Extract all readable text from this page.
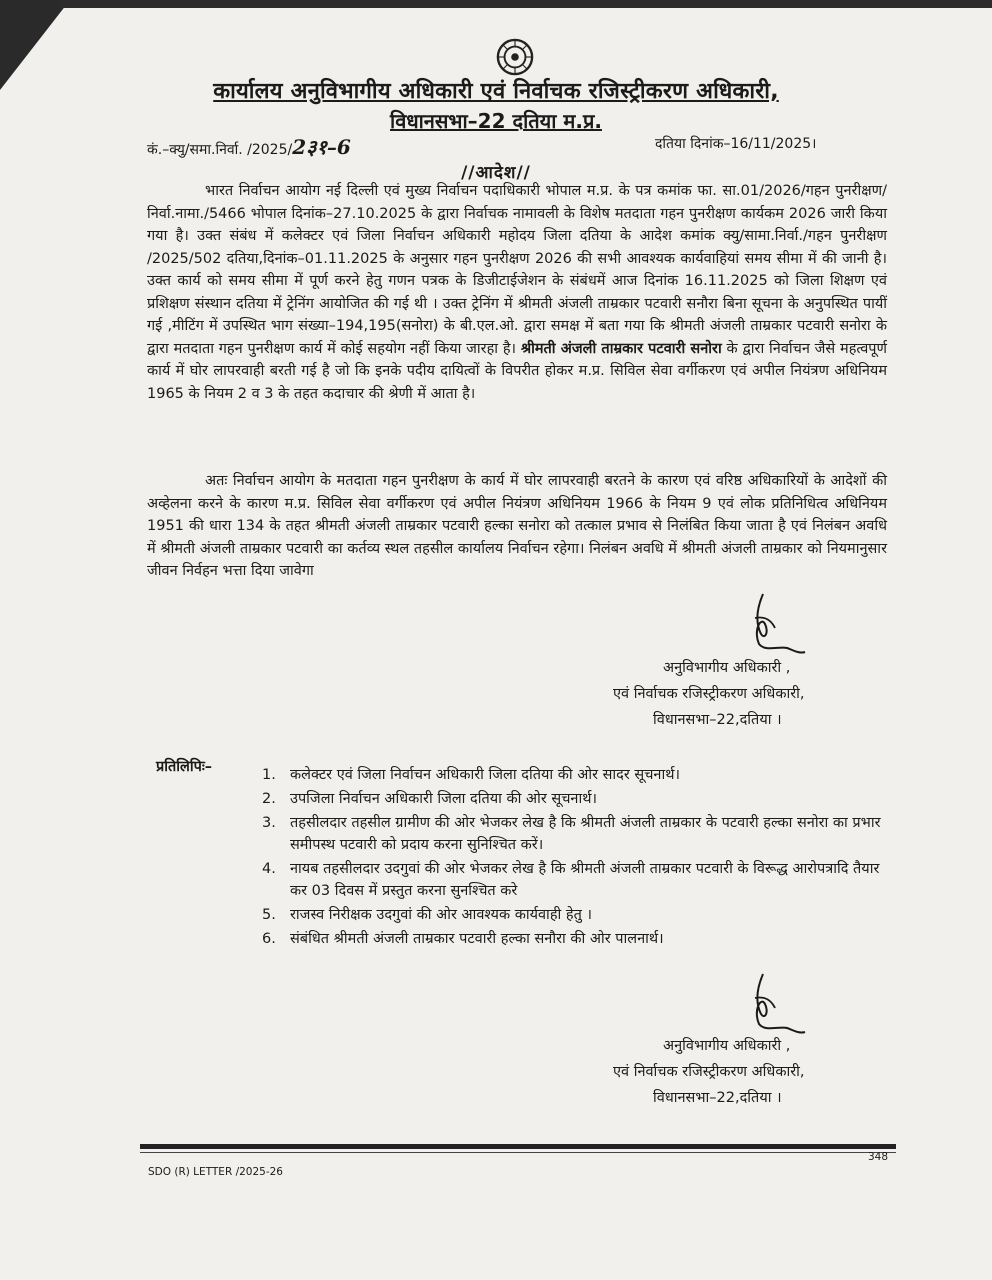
कार्यालय अनुविभागीय अधिकारी एवं निर्वाचक रजिस्ट्रीकरण अधिकारी,
विधानसभा–22 दतिया म.प्र.
कं.–क्यु/समा.निर्वा. /2025/2३१–6	दतिया दिनांक–16/11/2025।
//आदेश//

भारत निर्वाचन आयोग नई दिल्ली एवं मुख्य निर्वाचन पदाधिकारी भोपाल म.प्र. के पत्र कमांक फा. सा.01/2026/गहन पुनरीक्षण/निर्वा.नामा./5466 भोपाल दिनांक–27.10.2025 के द्वारा निर्वाचक नामावली के विशेष मतदाता गहन पुनरीक्षण कार्यकम 2026 जारी किया गया है। उक्त संबंध में कलेक्टर एवं जिला निर्वाचन अधिकारी महोदय जिला दतिया के आदेश कमांक क्यु/सामा.निर्वा./गहन पुनरीक्षण /2025/502 दतिया,दिनांक–01.11.2025 के अनुसार गहन पुनरीक्षण 2026 की सभी आवश्यक कार्यवाहियां समय सीमा में की जानी है। उक्त कार्य को समय सीमा में पूर्ण करने हेतु गणन पत्रक के डिजीटाईजेशन के संबंधमें आज दिनांक 16.11.2025 को जिला शिक्षण एवं प्रशिक्षण संस्थान दतिया में ट्रेनिंग आयोजित की गई थी । उक्त ट्रेनिंग में श्रीमती अंजली ताम्रकार पटवारी सनौरा बिना सूचना के अनुपस्थित पायीं गई ,मीटिंग में उपस्थित भाग संख्या–194,195(सनोरा) के बी.एल.ओ. द्वारा समक्ष में बता गया कि श्रीमती अंजली ताम्रकार पटवारी सनोरा के द्वारा मतदाता गहन पुनरीक्षण कार्य में कोई सहयोग नहीं किया जारहा है। श्रीमती अंजली ताम्रकार पटवारी सनोरा के द्वारा निर्वाचन जैसे महत्वपूर्ण कार्य में घोर लापरवाही बरती गई है जो कि इनके पदीय दायित्वों के विपरीत होकर म.प्र. सिविल सेवा वर्गीकरण एवं अपील नियंत्रण अधिनियम 1965 के नियम 2 व 3 के तहत कदाचार की श्रेणी में आता है।

अतः निर्वाचन आयोग के मतदाता गहन पुनरीक्षण के कार्य में घोर लापरवाही बरतने के कारण एवं वरिष्ठ अधिकारियों के आदेशों की अव्हेलना करने के कारण म.प्र. सिविल सेवा वर्गीकरण एवं अपील नियंत्रण अधिनियम 1966 के नियम 9 एवं लोक प्रतिनिधित्व अधिनियम 1951 की धारा 134 के तहत श्रीमती अंजली ताम्रकार पटवारी हल्का सनोरा को तत्काल प्रभाव से निलंबित किया जाता है एवं निलंबन अवधि में श्रीमती अंजली ताम्रकार पटवारी का कर्तव्य स्थल तहसील कार्यालय निर्वाचन रहेगा। निलंबन अवधि में श्रीमती अंजली ताम्रकार को नियमानुसार जीवन निर्वहन भत्ता दिया जावेगा

अनुविभागीय अधिकारी ,
एवं निर्वाचक रजिस्ट्रीकरण अधिकारी,
विधानसभा–22,दतिया ।
प्रतिलिपिः–	1. कलेक्टर एवं जिला निर्वाचन अधिकारी जिला दतिया की ओर सादर सूचनार्थ।
2. उपजिला निर्वाचन अधिकारी जिला दतिया की ओर सूचनार्थ।
3. तहसीलदार तहसील ग्रामीण की ओर भेजकर लेख है कि श्रीमती अंजली ताम्रकार के पटवारी हल्का सनोरा का प्रभार समीपस्थ पटवारी को प्रदाय करना सुनिश्चित करें।
4. नायब तहसीलदार उदगुवां की ओर भेजकर लेख है कि श्रीमती अंजली ताम्रकार पटवारी के विरूद्ध आरोपत्रादि तैयार कर 03 दिवस में प्रस्तुत करना सुनश्चित करे
5. राजस्व निरीक्षक उदगुवां की ओर आवश्यक कार्यवाही हेतु ।
6. संबंधित श्रीमती अंजली ताम्रकार पटवारी हल्का सनौरा की ओर पालनार्थ।
अनुविभागीय अधिकारी ,
एवं निर्वाचक रजिस्ट्रीकरण अधिकारी,
विधानसभा–22,दतिया ।
348
SDO (R) LETTER /2025-26
